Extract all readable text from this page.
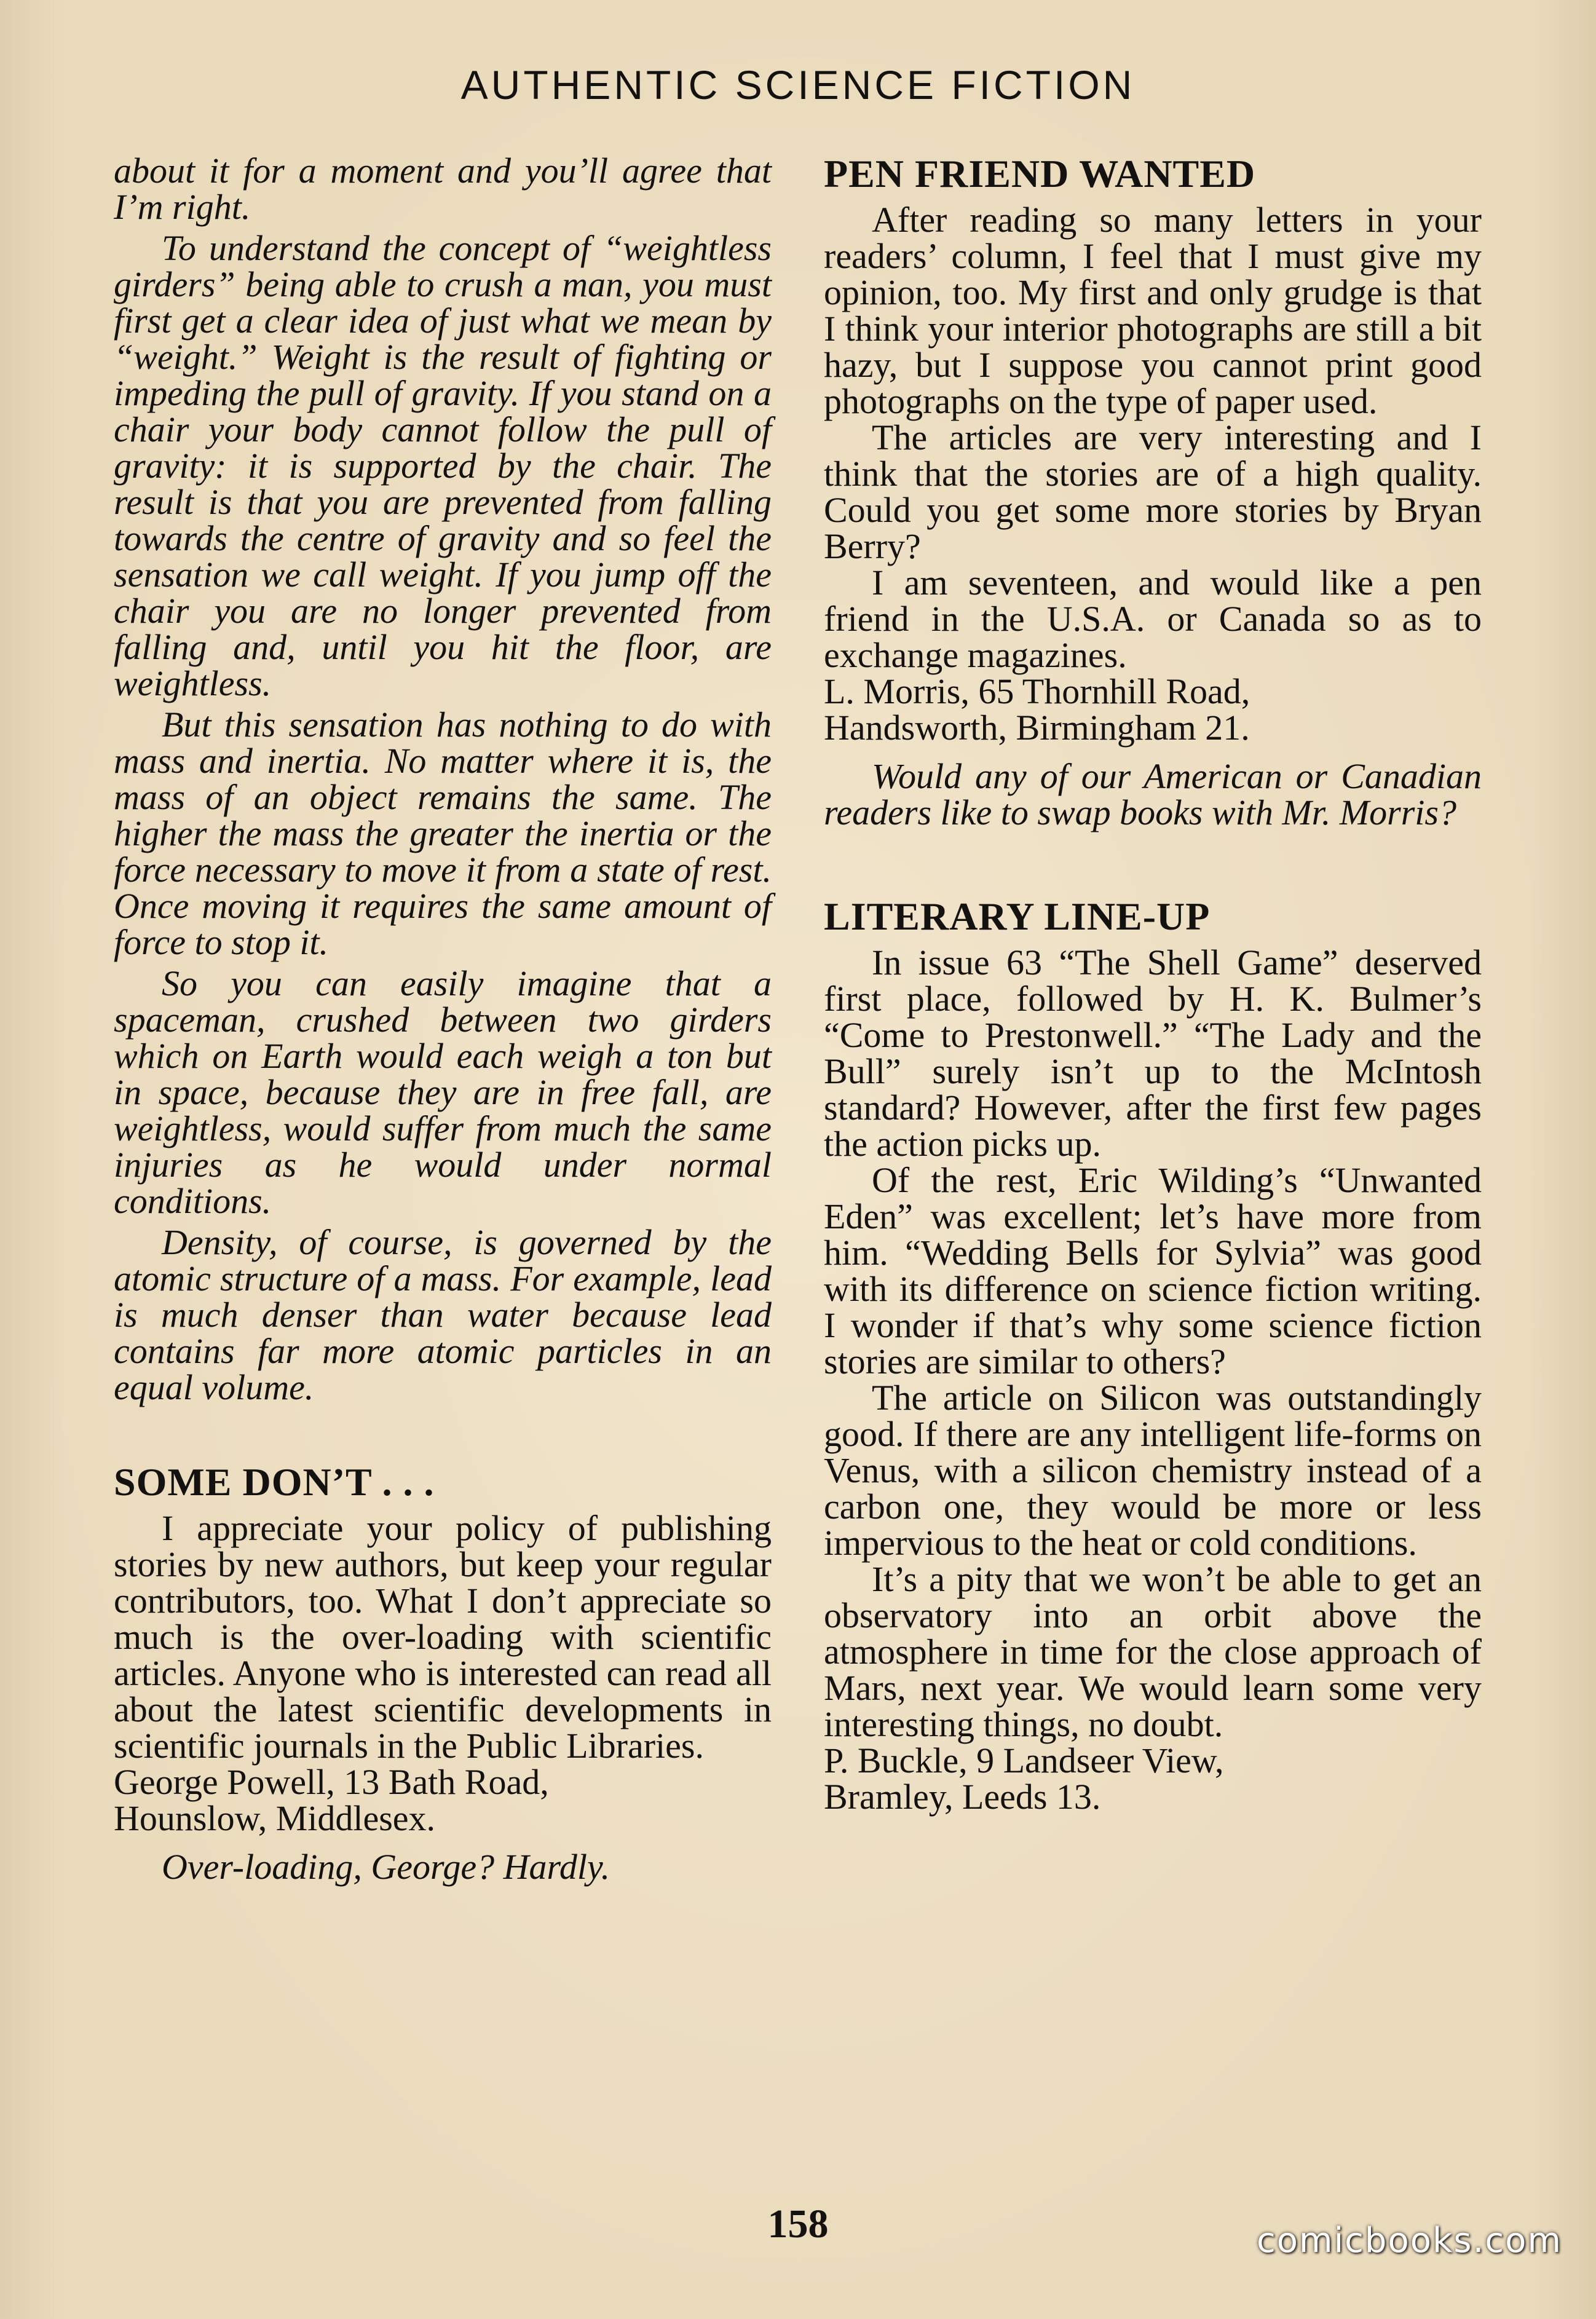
AUTHENTIC SCIENCE FICTION

about it for a moment and you’ll agree that I’m right.

To understand the concept of “weightless girders” being able to crush a man, you must first get a clear idea of just what we mean by “weight.” Weight is the result of fighting or impeding the pull of gravity. If you stand on a chair your body cannot follow the pull of gravity: it is supported by the chair. The result is that you are prevented from falling towards the centre of gravity and so feel the sensation we call weight. If you jump off the chair you are no longer prevented from falling and, until you hit the floor, are weightless.

But this sensation has nothing to do with mass and inertia. No matter where it is, the mass of an object remains the same. The higher the mass the greater the inertia or the force necessary to move it from a state of rest. Once moving it requires the same amount of force to stop it.

So you can easily imagine that a spaceman, crushed between two girders which on Earth would each weigh a ton but in space, because they are in free fall, are weightless, would suffer from much the same injuries as he would under normal conditions.

Density, of course, is governed by the atomic structure of a mass. For example, lead is much denser than water because lead contains far more atomic particles in an equal volume.

SOME DON’T . . .

I appreciate your policy of publishing stories by new authors, but keep your regular contributors, too. What I don’t appreciate so much is the over-loading with scientific articles. Anyone who is interested can read all about the latest scientific developments in scientific journals in the Public Libraries.

George Powell, 13 Bath Road,

Hounslow, Middlesex.

Over-loading, George? Hardly.

PEN FRIEND WANTED

After reading so many letters in your readers’ column, I feel that I must give my opinion, too. My first and only grudge is that I think your interior photographs are still a bit hazy, but I suppose you cannot print good photographs on the type of paper used.

The articles are very interesting and I think that the stories are of a high quality. Could you get some more stories by Bryan Berry?

I am seventeen, and would like a pen friend in the U.S.A. or Canada so as to exchange magazines.

L. Morris, 65 Thornhill Road,

Handsworth, Birmingham 21.

Would any of our American or Canadian readers like to swap books with Mr. Morris?

LITERARY LINE-UP

In issue 63 “The Shell Game” deserved first place, followed by H. K. Bulmer’s “Come to Prestonwell.” “The Lady and the Bull” surely isn’t up to the McIntosh standard? However, after the first few pages the action picks up.

Of the rest, Eric Wilding’s “Unwanted Eden” was excellent; let’s have more from him. “Wedding Bells for Sylvia” was good with its difference on science fiction writing. I wonder if that’s why some science fiction stories are similar to others?

The article on Silicon was outstandingly good. If there are any intelligent life-forms on Venus, with a silicon chemistry instead of a carbon one, they would be more or less impervious to the heat or cold conditions.

It’s a pity that we won’t be able to get an observatory into an orbit above the atmosphere in time for the close approach of Mars, next year. We would learn some very interesting things, no doubt.

P. Buckle, 9 Landseer View,

Bramley, Leeds 13.

158	comicbooks.com
